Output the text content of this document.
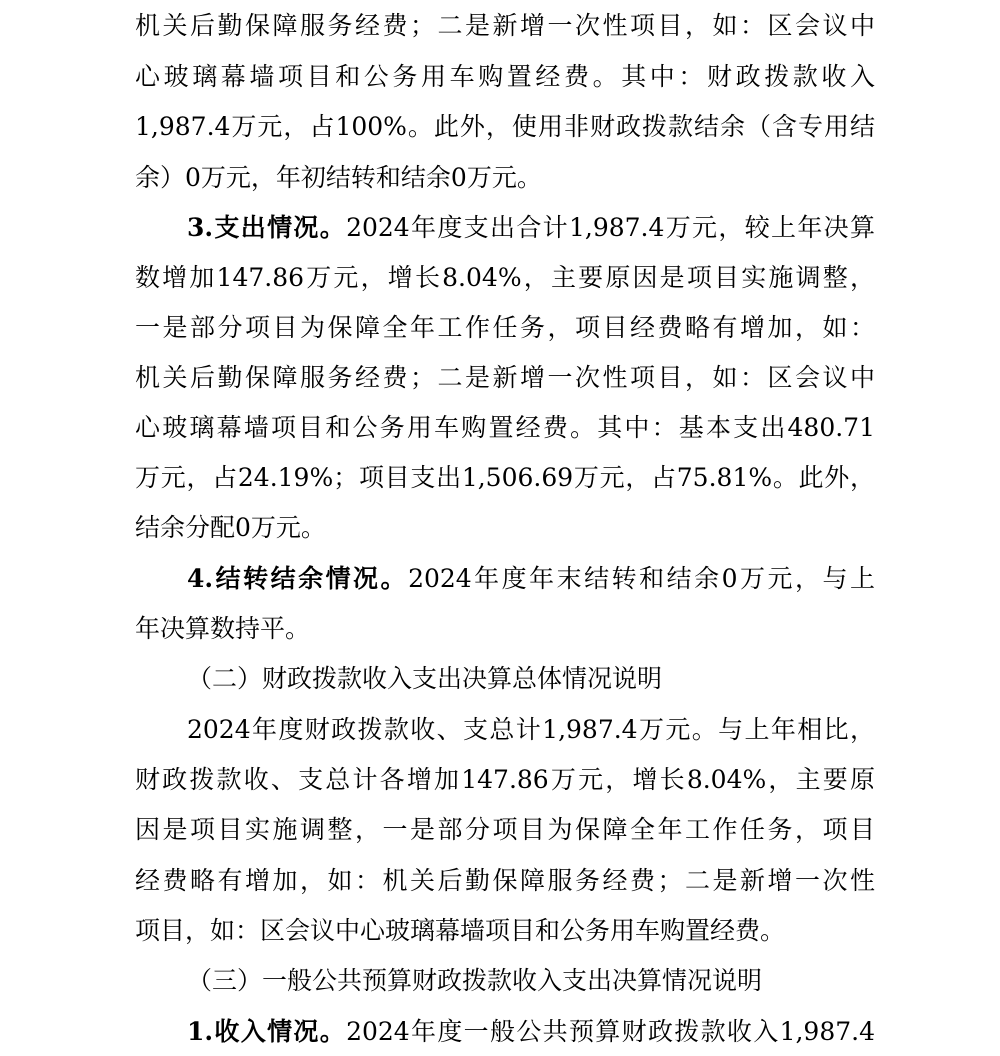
机关后勤保障服务经费；二是新增一次性项目，如：区会议中
心玻璃幕墙项目和公务用车购置经费。其中：财政拨款收入
1,987.4万元，占100%。此外，使用非财政拨款结余（含专用结
余）0万元，年初结转和结余0万元。
3.支出情况。2024年度支出合计1,987.4万元，较上年决算
数增加147.86万元，增长8.04%，主要原因是项目实施调整，
一是部分项目为保障全年工作任务，项目经费略有增加，如：
机关后勤保障服务经费；二是新增一次性项目，如：区会议中
心玻璃幕墙项目和公务用车购置经费。其中：基本支出480.71
万元，占24.19%；项目支出1,506.69万元，占75.81%。此外，
结余分配0万元。
4.结转结余情况。2024年度年末结转和结余0万元，与上
年决算数持平。
（二）财政拨款收入支出决算总体情况说明
2024年度财政拨款收、支总计1,987.4万元。与上年相比，
财政拨款收、支总计各增加147.86万元，增长8.04%，主要原
因是项目实施调整，一是部分项目为保障全年工作任务，项目
经费略有增加，如：机关后勤保障服务经费；二是新增一次性
项目，如：区会议中心玻璃幕墙项目和公务用车购置经费。
（三）一般公共预算财政拨款收入支出决算情况说明
1.收入情况。2024年度一般公共预算财政拨款收入1,987.4
